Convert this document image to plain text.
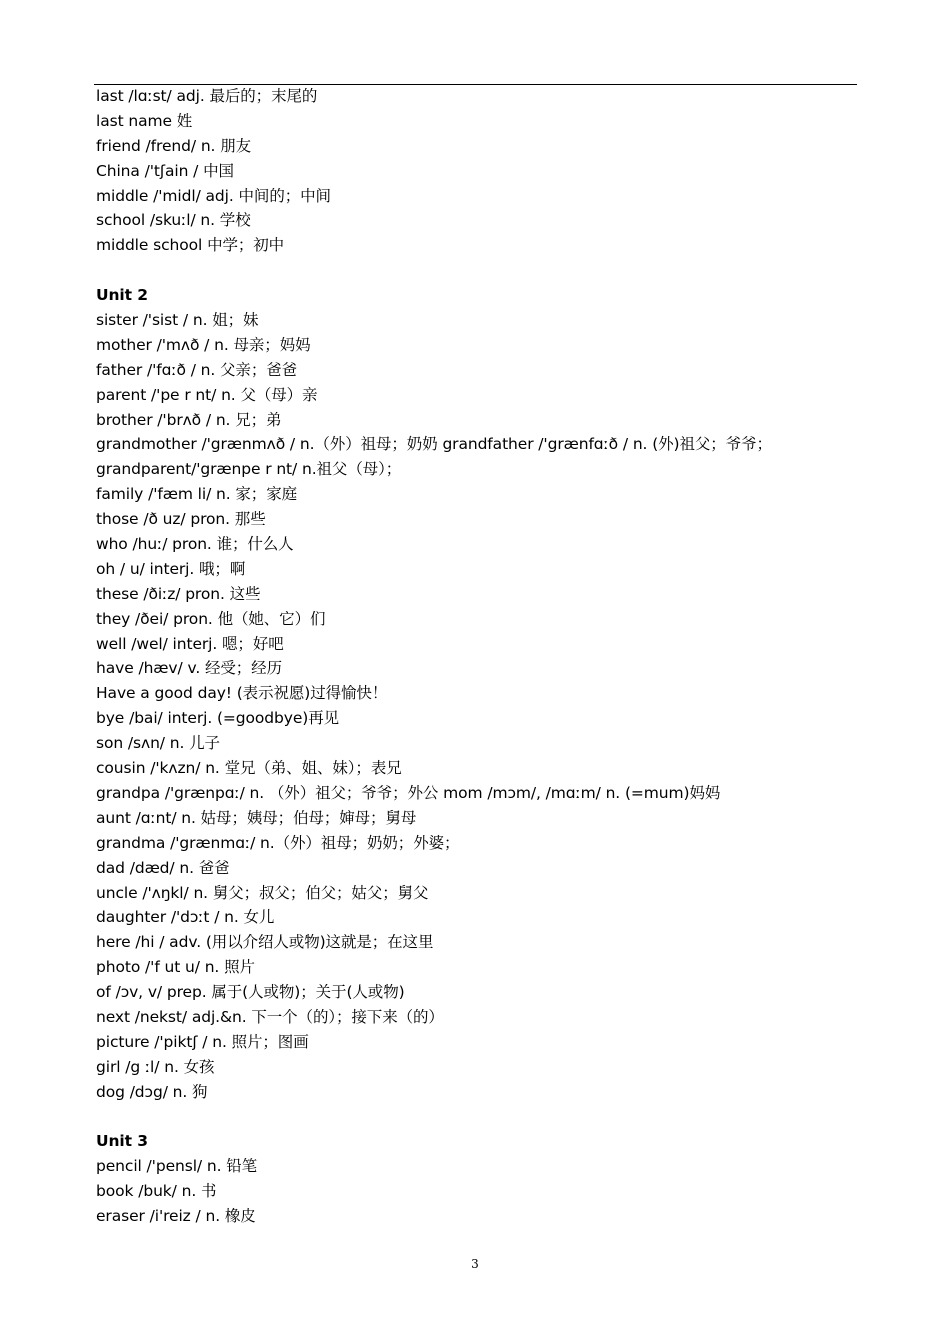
last /lɑːst/ adj. 最后的；末尾的
last name 姓
friend /frend/ n. 朋友
China /'tʃain / 中国
middle /'midl/ adj. 中间的；中间
school /skuːl/ n. 学校
middle school 中学；初中
Unit 2
sister /'sist / n. 姐；妹
mother /'mʌð / n. 母亲；妈妈
father /'fɑːð / n. 父亲；爸爸
parent /'pe r nt/ n. 父（母）亲
brother /'brʌð / n. 兄；弟
grandmother /'grænmʌð / n.（外）祖母；奶奶 grandfather /'grænfɑːð / n. (外)祖父；爷爷；
grandparent/'grænpe r nt/ n.祖父（母）；
family /'fæm li/ n. 家；家庭
those /ð uz/ pron. 那些
who /huː/ pron. 谁；什么人
oh / u/ interj. 哦；啊
these /ðiːz/ pron. 这些
they /ðei/ pron. 他（她、它）们
well /wel/ interj. 嗯；好吧
have /hæv/ v. 经受；经历
Have a good day! (表示祝愿)过得愉快！
bye /bai/ interj. (=goodbye)再见
son /sʌn/ n. 儿子
cousin /'kʌzn/ n. 堂兄（弟、姐、妹）；表兄
grandpa /'grænpɑː/ n. （外）祖父；爷爷；外公 mom /mɔm/, /mɑːm/ n. (=mum)妈妈
aunt /ɑːnt/ n. 姑母；姨母；伯母；婶母；舅母
grandma /'grænmɑː/ n.（外）祖母；奶奶；外婆；
dad /dæd/ n. 爸爸
uncle /'ʌŋkl/ n. 舅父；叔父；伯父；姑父；舅父
daughter /'dɔːt / n. 女儿
here /hi / adv. (用以介绍人或物)这就是；在这里
photo /'f ut u/ n. 照片
of /ɔv, v/ prep. 属于(人或物)；关于(人或物)
next /nekst/ adj.&n. 下一个（的）；接下来（的）
picture /'piktʃ / n. 照片；图画
girl /g ːl/ n. 女孩
dog /dɔg/ n. 狗
Unit 3
pencil /'pensl/ n. 铅笔
book /buk/ n. 书
eraser /i'reiz / n. 橡皮
3
